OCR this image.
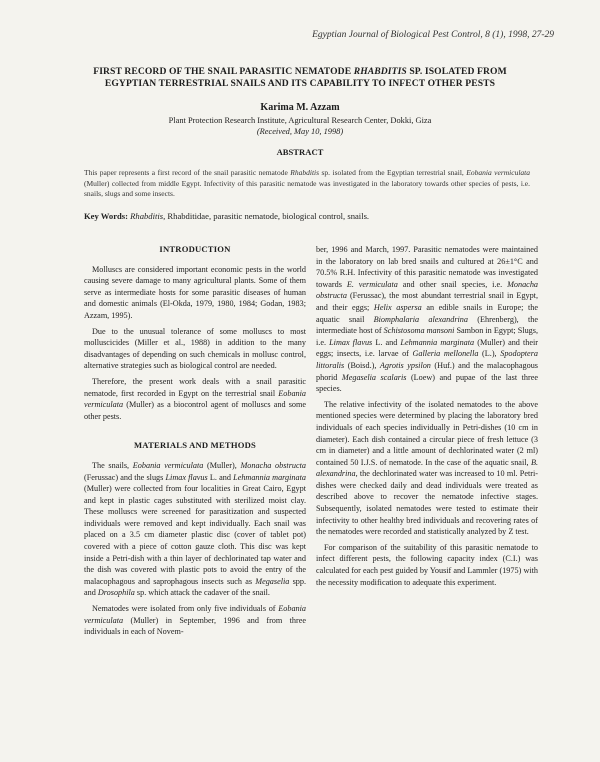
Egyptian Journal of Biological Pest Control, 8 (1), 1998, 27-29
FIRST RECORD OF THE SNAIL PARASITIC NEMATODE RHABDITIS SP. ISOLATED FROM
EGYPTIAN TERRESTRIAL SNAILS AND ITS CAPABILITY TO INFECT OTHER PESTS
Karima M. Azzam
Plant Protection Research Institute, Agricultural Research Center, Dokki, Giza
(Received, May 10, 1998)
ABSTRACT
This paper represents a first record of the snail parasitic nematode Rhabditis sp. isolated from the Egyptian terrestrial snail, Eobania vermiculata (Muller) collected from middle Egypt. Infectivity of this parasitic nematode was investigated in the laboratory towards other species of pests, i.e. snails, slugs and some insects.
Key Words: Rhabditis, Rhabditidae, parasitic nematode, biological control, snails.
INTRODUCTION

Molluscs are considered important economic pests in the world causing severe damage to many agricultural plants. Some of them serve as intermediate hosts for some parasitic diseases of human and domestic animals (El-Okda, 1979, 1980, 1984; Godan, 1983; Azzam, 1995).

Due to the unusual tolerance of some molluscs to most molluscicides (Miller et al., 1988) in addition to the many disadvantages of depending on such chemicals in mollusc control, alternative strategies such as biological control are needed.

Therefore, the present work deals with a snail parasitic nematode, first recorded in Egypt on the terrestrial snail Eobania vermiculata (Muller) as a biocontrol agent of molluscs and some other pests.

MATERIALS AND METHODS

The snails, Eobania vermiculata (Muller), Monacha obstructa (Ferussac) and the slugs Limax flavus L. and Lehmannia marginata (Muller) were collected from four localities in Great Cairo, Egypt and kept in plastic cages substituted with sterilized moist clay. These molluscs were screened for parasitization and suspected individuals were removed and kept individually. Each snail was placed on a 3.5 cm diameter plastic disc (cover of tablet pot) covered with a piece of cotton gauze cloth. This disc was kept inside a Petri-dish with a thin layer of dechlorinated tap water and the dish was covered with plastic pots to avoid the entry of the malacophagous and saprophagous insects such as Megaselia spp. and Drosophila sp. which attack the cadaver of the snail.

Nematodes were isolated from only five individuals of Eobania vermiculata (Muller) in September, 1996 and from three individuals in each of Novem-

ber, 1996 and March, 1997. Parasitic nematodes were maintained in the laboratory on lab bred snails and cultured at 26±1°C and 70.5% R.H. Infectivity of this parasitic nematode was investigated towards E. vermiculata and other snail species, i.e. Monacha obstructa (Ferussac), the most abundant terrestrial snail in Egypt, and their eggs; Helix aspersa an edible snails in Europe; the aquatic snail Biomphalaria alexandrina (Ehrenberg), the intermediate host of Schistosoma mansoni Sambon in Egypt; Slugs, i.e. Limax flavus L. and Lehmannia marginata (Muller) and their eggs; insects, i.e. larvae of Galleria mellonella (L.), Spodoptera littoralis (Boisd.), Agrotis ypsilon (Huf.) and the malacophagous phorid Megaselia scalaris (Loew) and pupae of the last three species.

The relative infectivity of the isolated nematodes to the above mentioned species were determined by placing the laboratory bred individuals of each species individually in Petri-dishes (10 cm in diameter). Each dish contained a circular piece of fresh lettuce (3 cm in diameter) and a little amount of dechlorinated water (2 ml) contained 50 I.J.S. of nematode. In the case of the aquatic snail, B. alexandrina, the dechlorinated water was increased to 10 ml. Petri-dishes were checked daily and dead individuals were treated as described above to recover the nematode infective stages. Subsequently, isolated nematodes were tested to estimate their infectivity to other healthy bred individuals and recovering rates of the nematodes were recorded and statistically analyzed by Z test.

For comparison of the suitability of this parasitic nematode to infect different pests, the following capacity index (C.I.) was calculated for each pest guided by Yousif and Lammler (1975) with the necessity modification to adequate this experiment.
